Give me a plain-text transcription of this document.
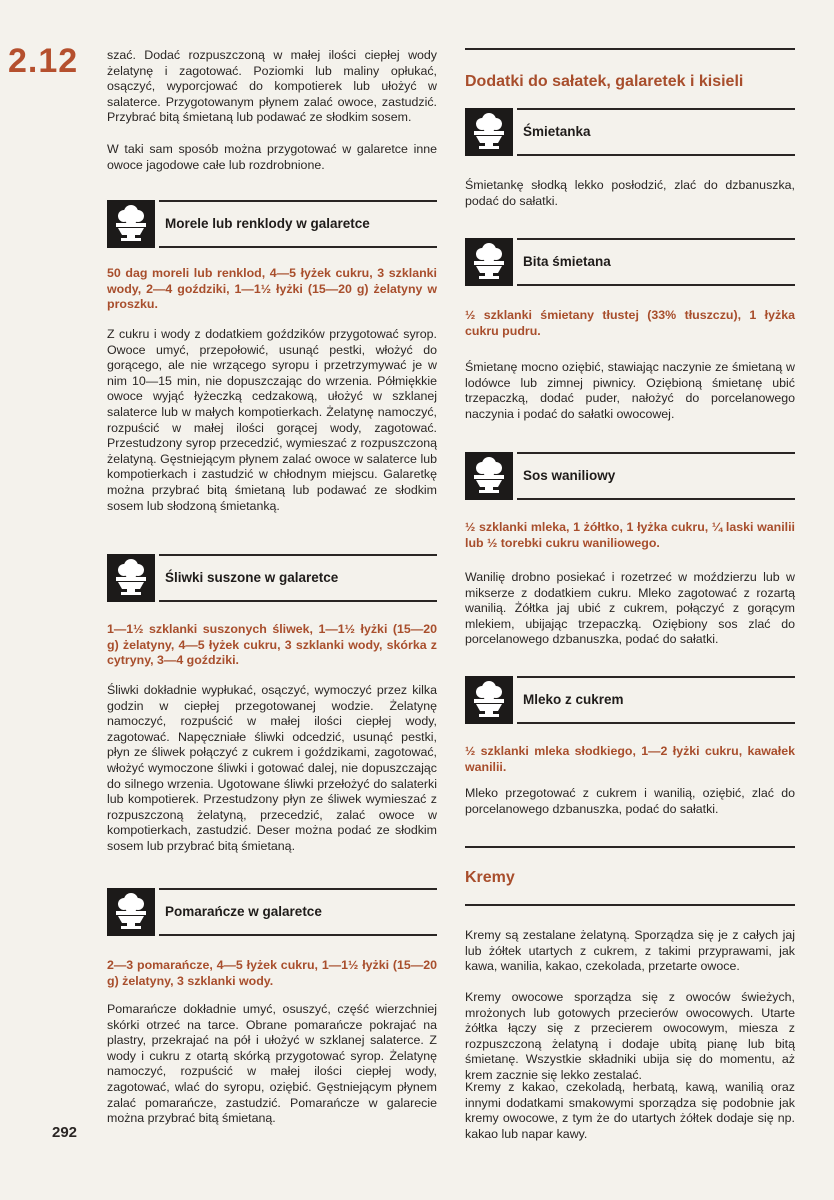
2.12
292

szać. Dodać rozpuszczoną w małej ilości ciepłej wody żelatynę i zagotować. Poziomki lub maliny opłukać, osączyć, wyporcjować do kompotierek lub ułożyć w salaterce. Przygotowanym płynem zalać owoce, zastudzić. Przybrać bitą śmietaną lub podawać ze słodkim sosem.

W taki sam sposób można przygotować w galaretce inne owoce jagodowe całe lub rozdrobnione.

Morele lub renklody w galaretce

50 dag moreli lub renklod, 4—5 łyżek cukru, 3 szklanki wody, 2—4 goździki, 1—1½ łyżki (15—20 g) żelatyny w proszku.

Z cukru i wody z dodatkiem goździków przygotować syrop. Owoce umyć, przepołowić, usunąć pestki, włożyć do gorącego, ale nie wrzącego syropu i przetrzymywać je w nim 10—15 min, nie dopuszczając do wrzenia. Półmiękkie owoce wyjąć łyżeczką cedzakową, ułożyć w szklanej salaterce lub w małych kompotierkach. Żelatynę namoczyć, rozpuścić w małej ilości gorącej wody, zagotować. Przestudzony syrop przecedzić, wymieszać z rozpuszczoną żelatyną. Gęstniejącym płynem zalać owoce w salaterce lub kompotierkach i zastudzić w chłodnym miejscu. Galaretkę można przybrać bitą śmietaną lub podawać ze słodkim sosem lub słodzoną śmietanką.

Śliwki suszone w galaretce

1—1½ szklanki suszonych śliwek, 1—1½ łyżki (15—20 g) żelatyny, 4—5 łyżek cukru, 3 szklanki wody, skórka z cytryny, 3—4 goździki.

Śliwki dokładnie wypłukać, osączyć, wymoczyć przez kilka godzin w ciepłej przegotowanej wodzie. Żelatynę namoczyć, rozpuścić w małej ilości ciepłej wody, zagotować. Napęczniałe śliwki odcedzić, usunąć pestki, płyn ze śliwek połączyć z cukrem i goździkami, zagotować, włożyć wymoczone śliwki i gotować dalej, nie dopuszczając do silnego wrzenia. Ugotowane śliwki przełożyć do salaterki lub kompotierek. Przestudzony płyn ze śliwek wymieszać z rozpuszczoną żelatyną, przecedzić, zalać owoce w kompotierkach, zastudzić. Deser można podać ze słodkim sosem lub przybrać bitą śmietaną.

Pomarańcze w galaretce

2—3 pomarańcze, 4—5 łyżek cukru, 1—1½ łyżki (15—20 g) żelatyny, 3 szklanki wody.

Pomarańcze dokładnie umyć, osuszyć, część wierzchniej skórki otrzeć na tarce. Obrane pomarańcze pokrajać na plastry, przekrajać na pół i ułożyć w szklanej salaterce. Z wody i cukru z otartą skórką przygotować syrop. Żelatynę namoczyć, rozpuścić w małej ilości ciepłej wody, zagotować, wlać do syropu, oziębić. Gęstniejącym płynem zalać pomarańcze, zastudzić. Pomarańcze w galarecie można przybrać bitą śmietaną.

Dodatki do sałatek, galaretek i kisieli
Śmietanka

Śmietankę słodką lekko posłodzić, zlać do dzbanuszka, podać do sałatki.

Bita śmietana

½ szklanki śmietany tłustej (33% tłuszczu), 1 łyżka cukru pudru.

Śmietanę mocno oziębić, stawiając naczynie ze śmietaną w lodówce lub zimnej piwnicy. Oziębioną śmietanę ubić trzepaczką, dodać puder, nałożyć do porcelanowego naczynia i podać do sałatki owocowej.

Sos waniliowy

½ szklanki mleka, 1 żółtko, 1 łyżka cukru, ¼ laski wanilii lub ½ torebki cukru waniliowego.

Wanilię drobno posiekać i rozetrzeć w moździerzu lub w mikserze z dodatkiem cukru. Mleko zagotować z rozartą wanilią. Żółtka jaj ubić z cukrem, połączyć z gorącym mlekiem, ubijając trzepaczką. Oziębiony sos zlać do porcelanowego dzbanuszka, podać do sałatki.

Mleko z cukrem

½ szklanki mleka słodkiego, 1—2 łyżki cukru, kawałek wanilii.

Mleko przegotować z cukrem i wanilią, oziębić, zlać do porcelanowego dzbanuszka, podać do sałatki.

Kremy

Kremy są zestalane żelatyną. Sporządza się je z całych jaj lub żółtek utartych z cukrem, z takimi przyprawami, jak kawa, wanilia, kakao, czekolada, przetarte owoce.

Kremy owocowe sporządza się z owoców świeżych, mrożonych lub gotowych przecierów owocowych. Utarte żółtka łączy się z przecierem owocowym, miesza z rozpuszczoną żelatyną i dodaje ubitą pianę lub bitą śmietanę. Wszystkie składniki ubija się do momentu, aż krem zacznie się lekko zestalać.

Kremy z kakao, czekoladą, herbatą, kawą, wanilią oraz innymi dodatkami smakowymi sporządza się podobnie jak kremy owocowe, z tym że do utartych żółtek dodaje się np. kakao lub napar kawy.
